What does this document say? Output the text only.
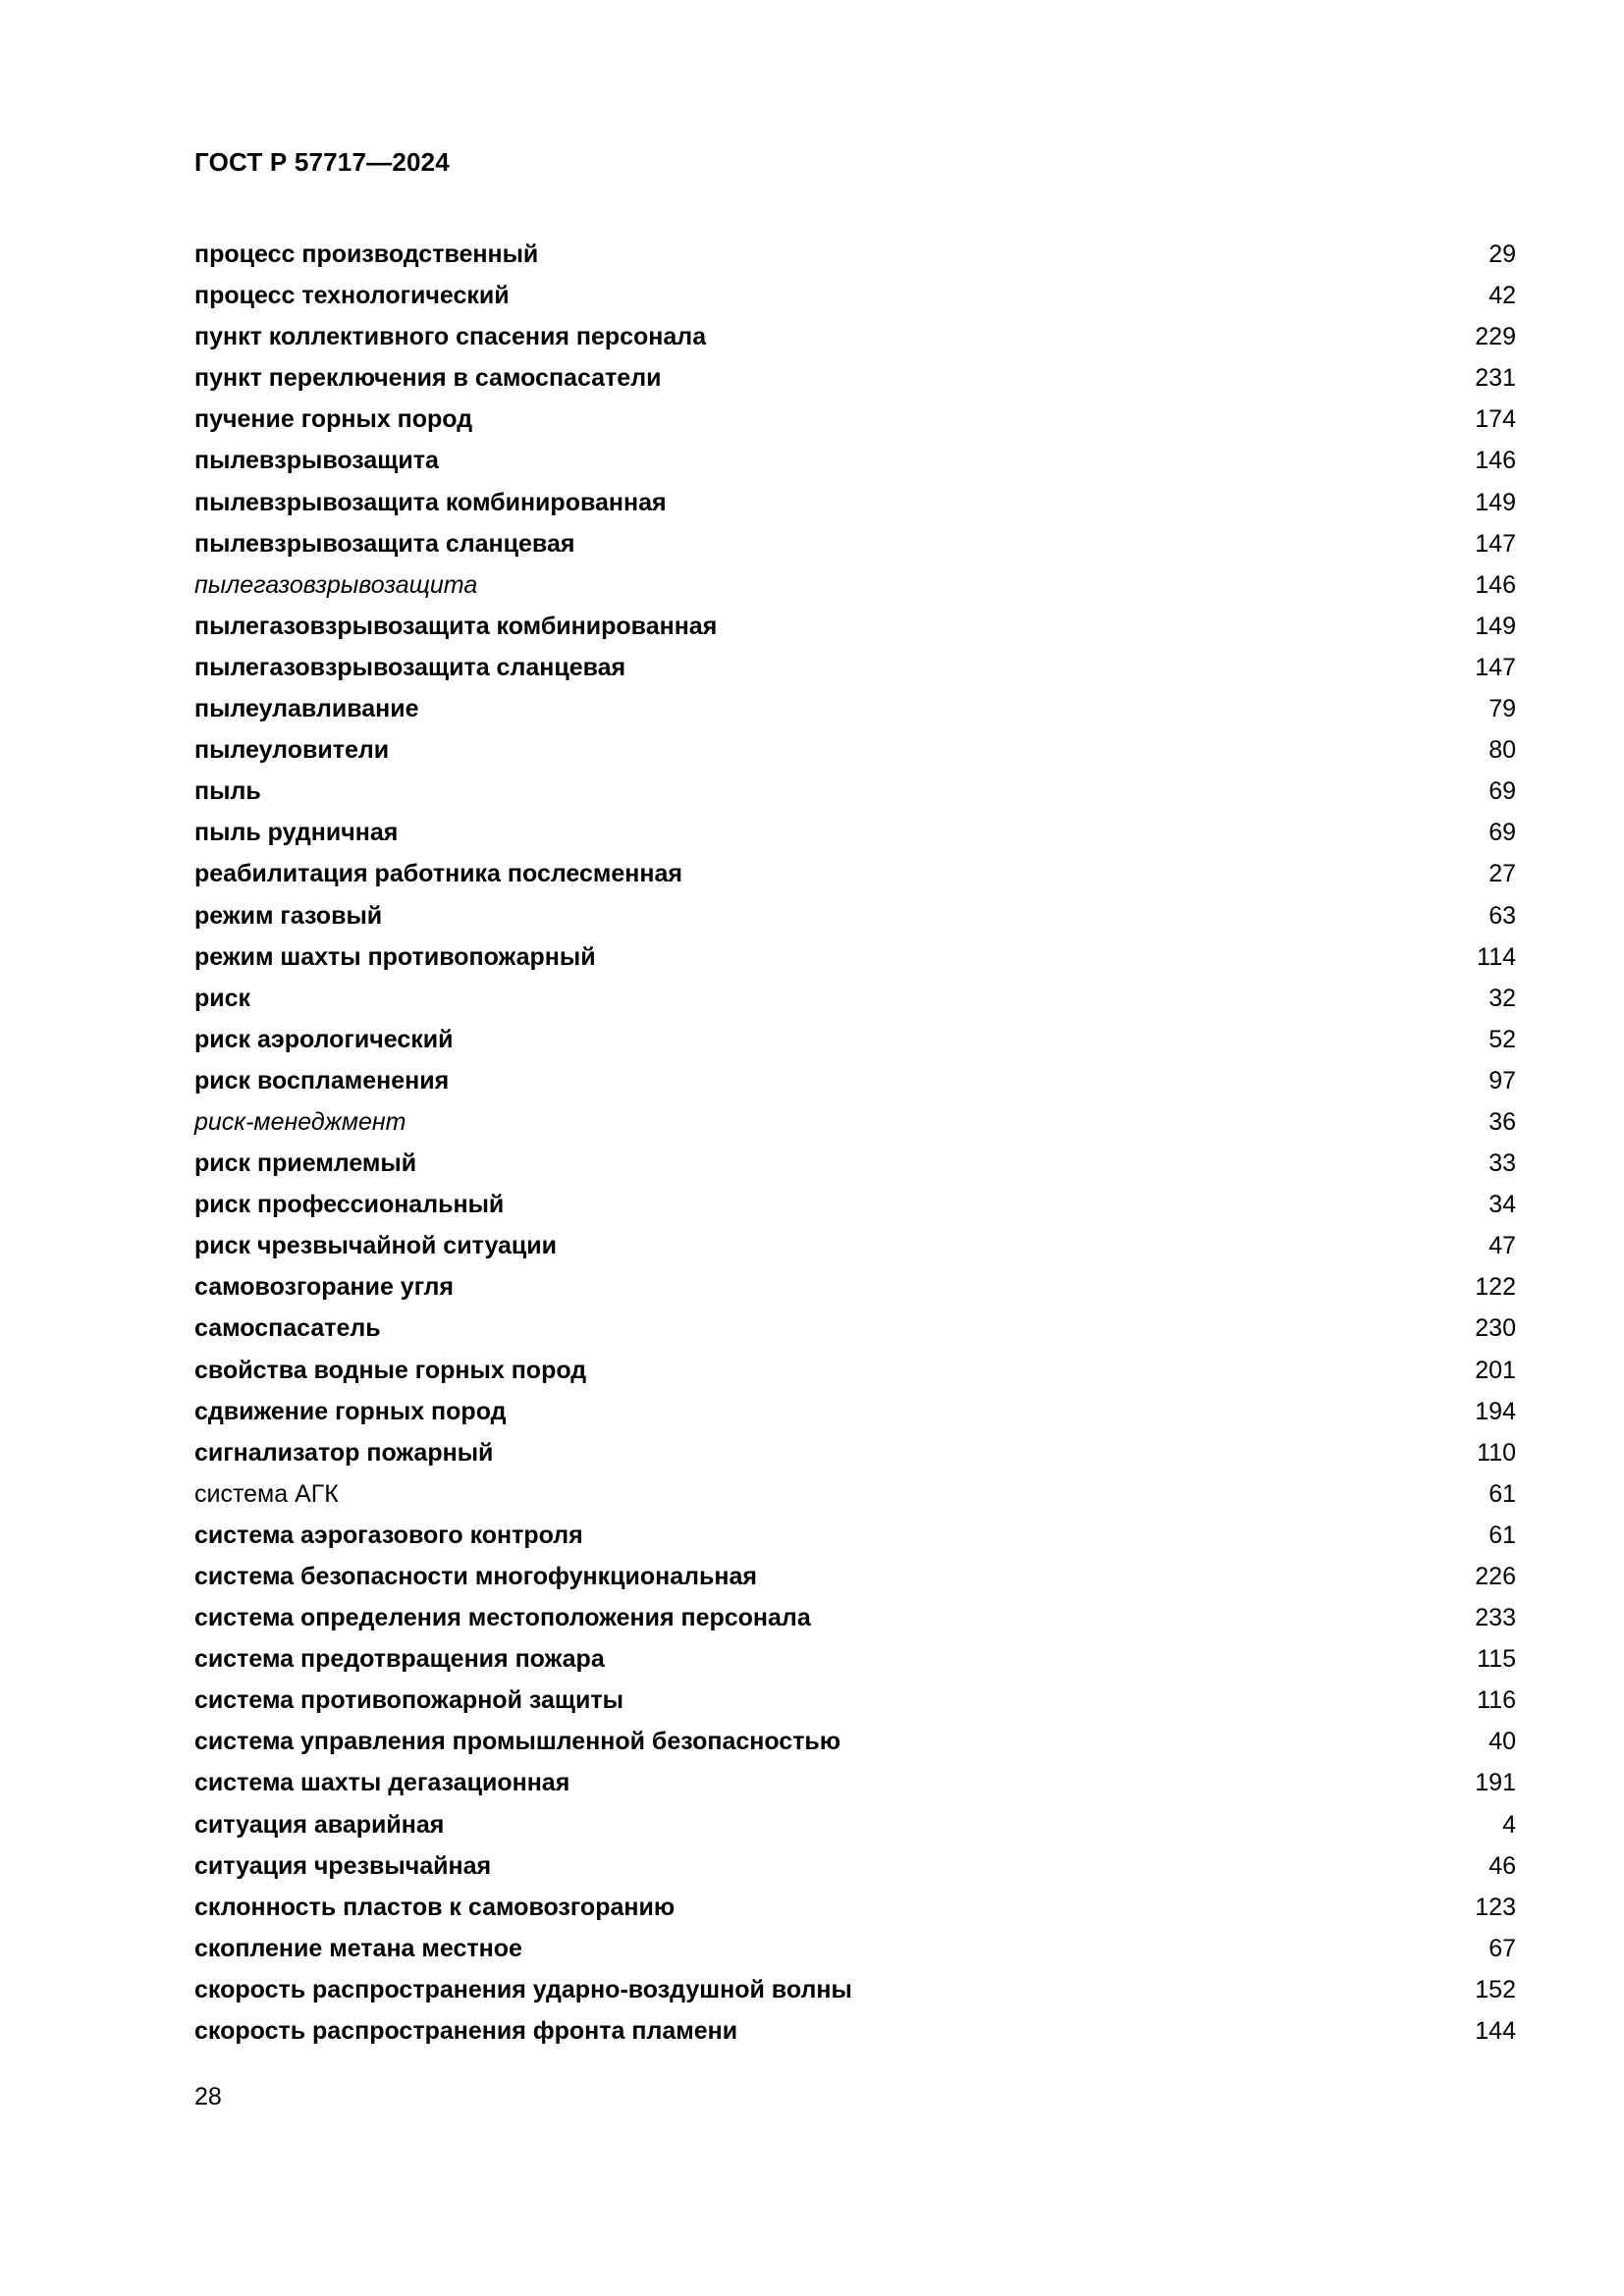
ГОСТ Р 57717—2024
процесс производственный	29
процесс технологический	42
пункт коллективного спасения персонала	229
пункт переключения в самоспасатели	231
пучение горных пород	174
пылевзрывозащита	146
пылевзрывозащита комбинированная	149
пылевзрывозащита сланцевая	147
пылегазовзрывозащита	146
пылегазовзрывозащита комбинированная	149
пылегазовзрывозащита сланцевая	147
пылеулавливание	79
пылеуловители	80
пыль	69
пыль рудничная	69
реабилитация работника послесменная	27
режим газовый	63
режим шахты противопожарный	114
риск	32
риск аэрологический	52
риск воспламенения	97
риск-менеджмент	36
риск приемлемый	33
риск профессиональный	34
риск чрезвычайной ситуации	47
самовозгорание угля	122
самоспасатель	230
свойства водные горных пород	201
сдвижение горных пород	194
сигнализатор пожарный	110
система АГК	61
система аэрогазового контроля	61
система безопасности многофункциональная	226
система определения местоположения персонала	233
система предотвращения пожара	115
система противопожарной защиты	116
система управления промышленной безопасностью	40
система шахты дегазационная	191
ситуация аварийная	4
ситуация чрезвычайная	46
склонность пластов к самовозгоранию	123
скопление метана местное	67
скорость распространения ударно-воздушной волны	152
скорость распространения фронта пламени	144
28
